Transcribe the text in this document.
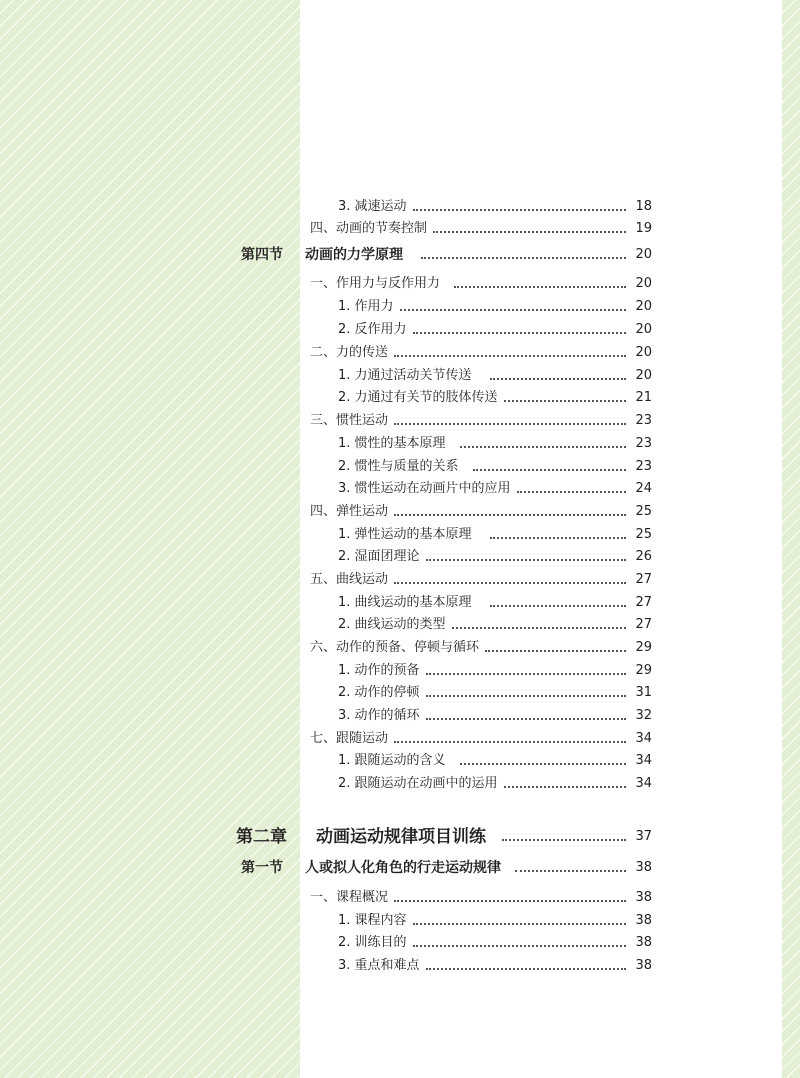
3. 减速运动	18
四、动画的节奏控制	19
第四节 动画的力学原理	20
一、作用力与反作用力	20
1. 作用力	20
2. 反作用力	20
二、力的传送	20
1. 力通过活动关节传送	20
2. 力通过有关节的肢体传送	21
三、惯性运动	23
1. 惯性的基本原理	23
2. 惯性与质量的关系	23
3. 惯性运动在动画片中的应用	24
四、弹性运动	25
1. 弹性运动的基本原理	25
2. 湿面团理论	26
五、曲线运动	27
1. 曲线运动的基本原理	27
2. 曲线运动的类型	27
六、动作的预备、停顿与循环	29
1. 动作的预备	29
2. 动作的停顿	31
3. 动作的循环	32
七、跟随运动	34
1. 跟随运动的含义	34
2. 跟随运动在动画中的运用	34
第二章 动画运动规律项目训练	37
第一节 人或拟人化角色的行走运动规律	38
一、课程概况	38
1. 课程内容	38
2. 训练目的	38
3. 重点和难点	38
